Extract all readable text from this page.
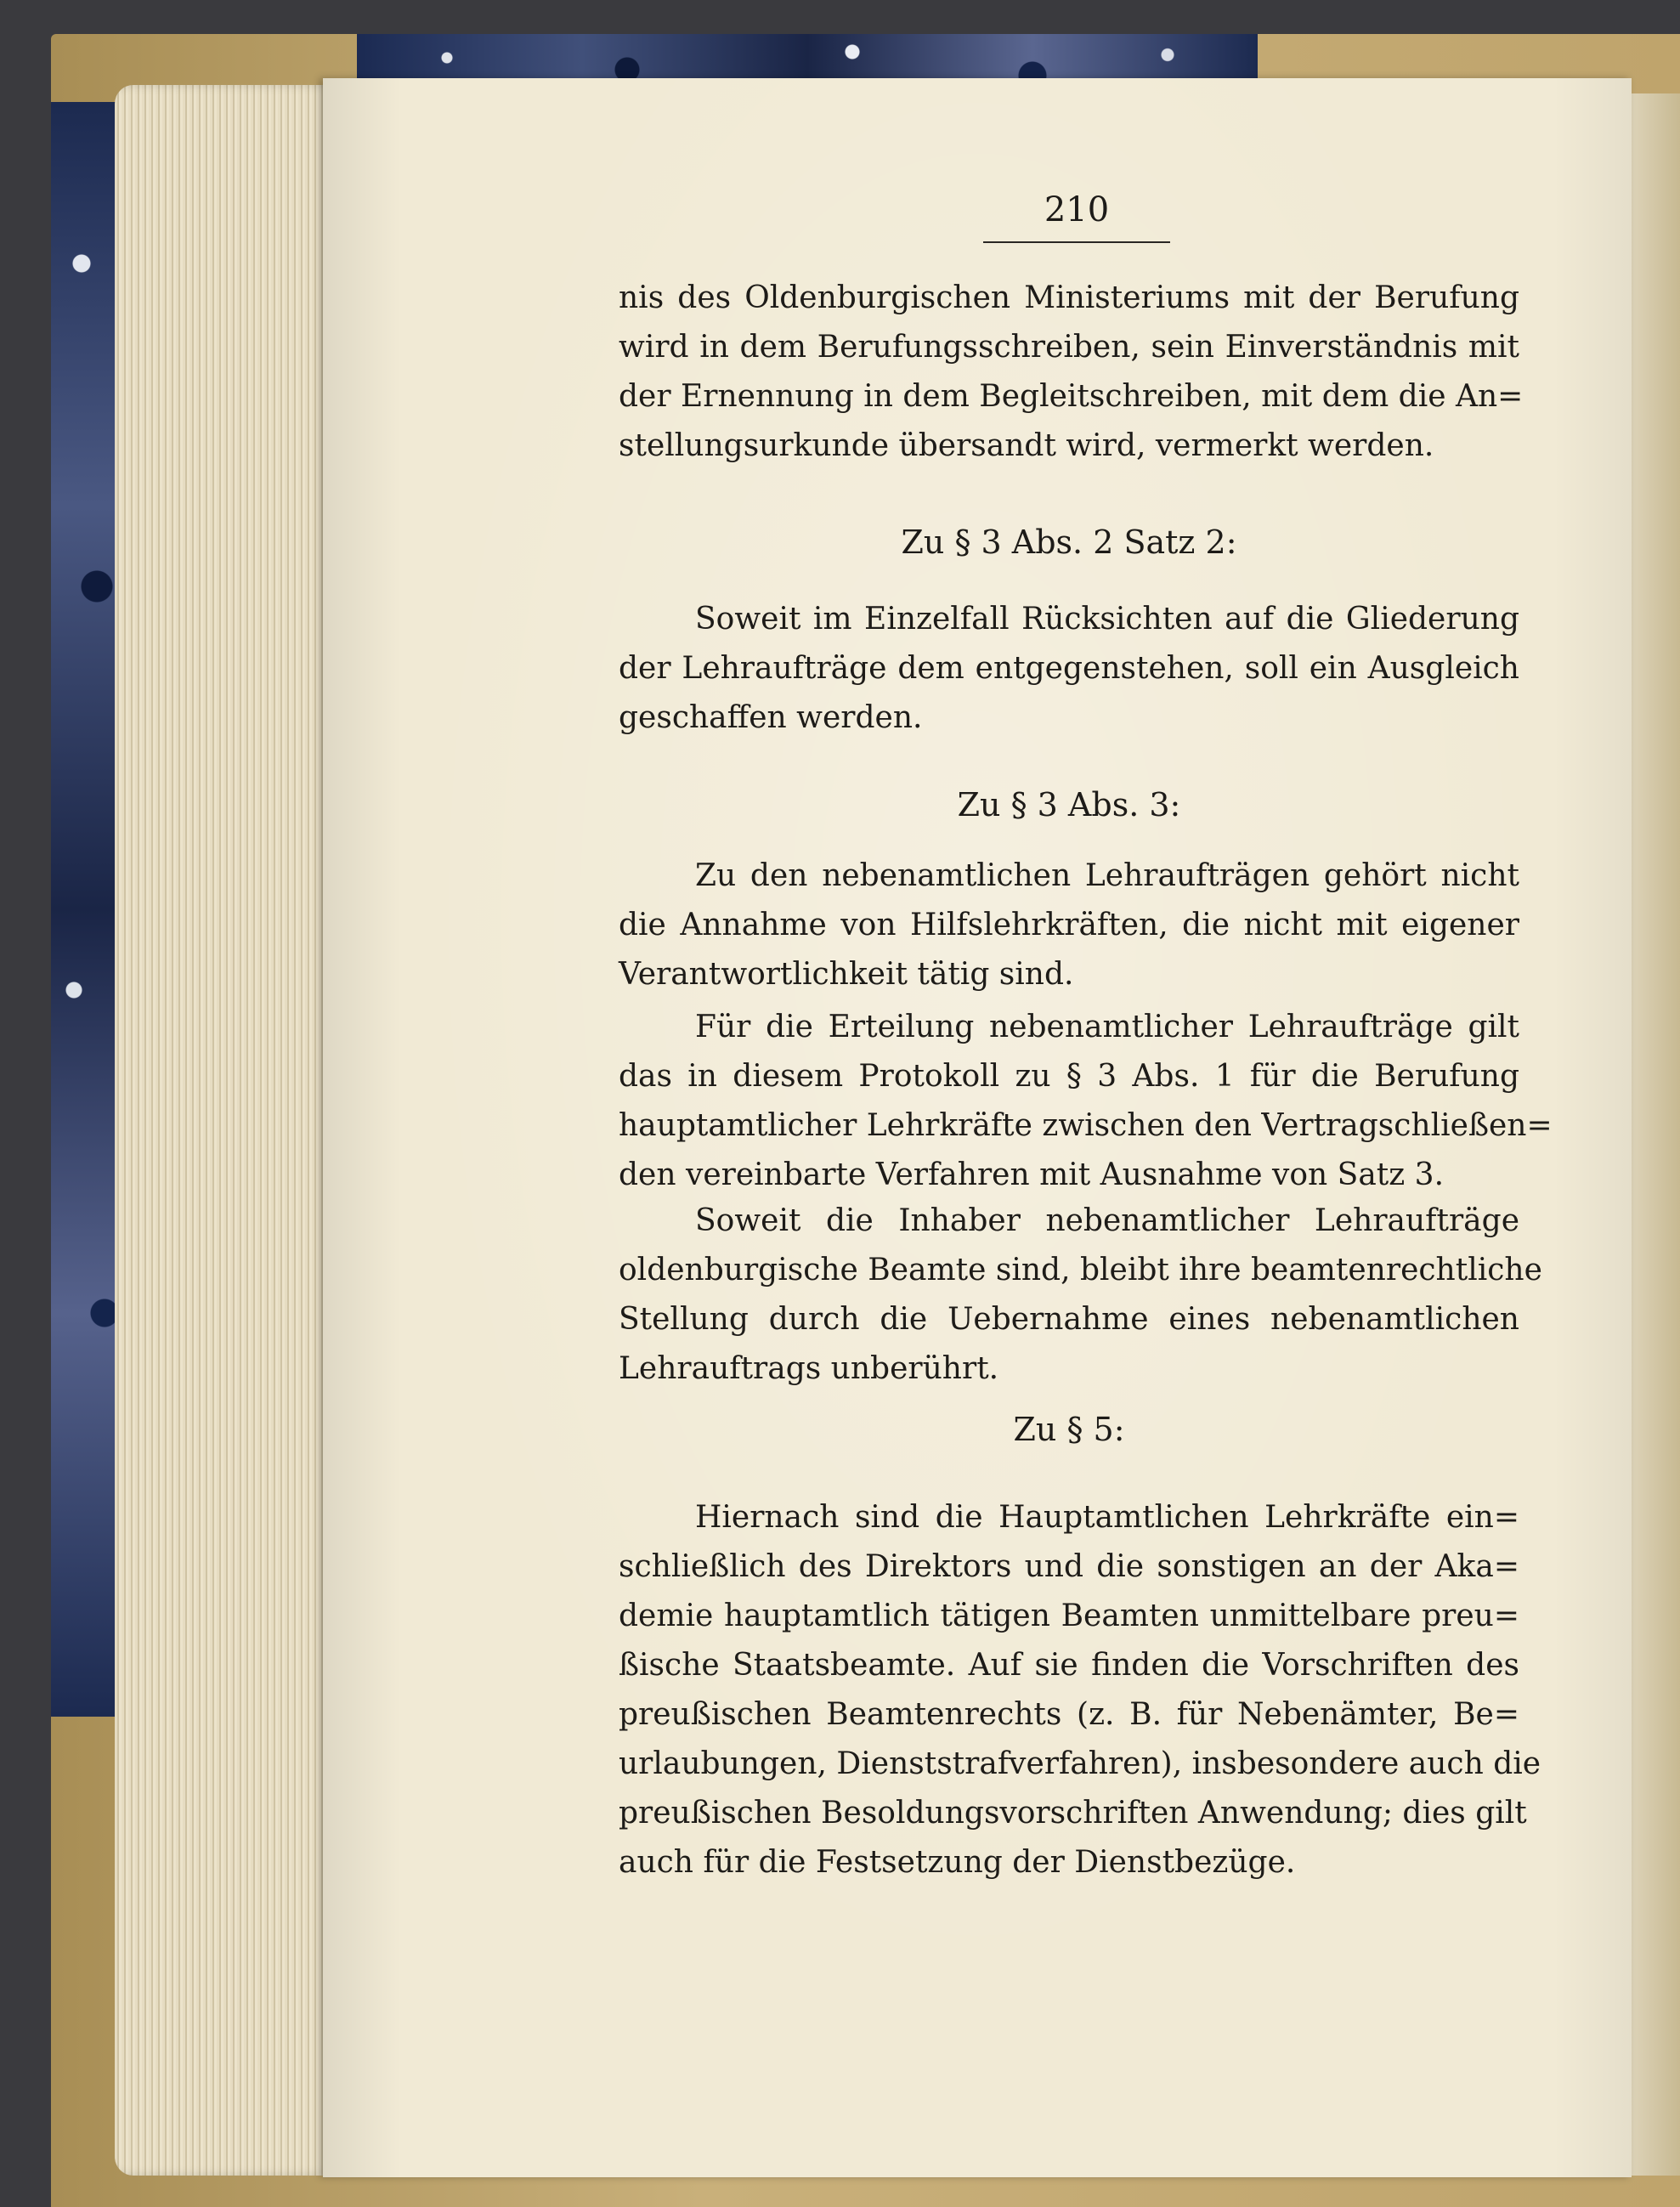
210
nis des Oldenburgischen Ministeriums mit der Berufung
wird in dem Berufungsschreiben, sein Einverständnis mit
der Ernennung in dem Begleitschreiben, mit dem die An=
stellungsurkunde übersandt wird, vermerkt werden.
Zu § 3 Abs. 2 Satz 2:
Soweit im Einzelfall Rücksichten auf die Gliederung
der Lehraufträge dem entgegenstehen, soll ein Ausgleich
geschaffen werden.
Zu § 3 Abs. 3:
Zu den nebenamtlichen Lehraufträgen gehört nicht
die Annahme von Hilfslehrkräften, die nicht mit eigener
Verantwortlichkeit tätig sind.
Für die Erteilung nebenamtlicher Lehraufträge gilt
das in diesem Protokoll zu § 3 Abs. 1 für die Berufung
hauptamtlicher Lehrkräfte zwischen den Vertragschließen=
den vereinbarte Verfahren mit Ausnahme von Satz 3.
Soweit die Inhaber nebenamtlicher Lehraufträge
oldenburgische Beamte sind, bleibt ihre beamtenrechtliche
Stellung durch die Uebernahme eines nebenamtlichen
Lehrauftrags unberührt.
Zu § 5:
Hiernach sind die Hauptamtlichen Lehrkräfte ein=
schließlich des Direktors und die sonstigen an der Aka=
demie hauptamtlich tätigen Beamten unmittelbare preu=
ßische Staatsbeamte. Auf sie finden die Vorschriften des
preußischen Beamtenrechts (z. B. für Nebenämter, Be=
urlaubungen, Dienststrafverfahren), insbesondere auch die
preußischen Besoldungsvorschriften Anwendung; dies gilt
auch für die Festsetzung der Dienstbezüge.
